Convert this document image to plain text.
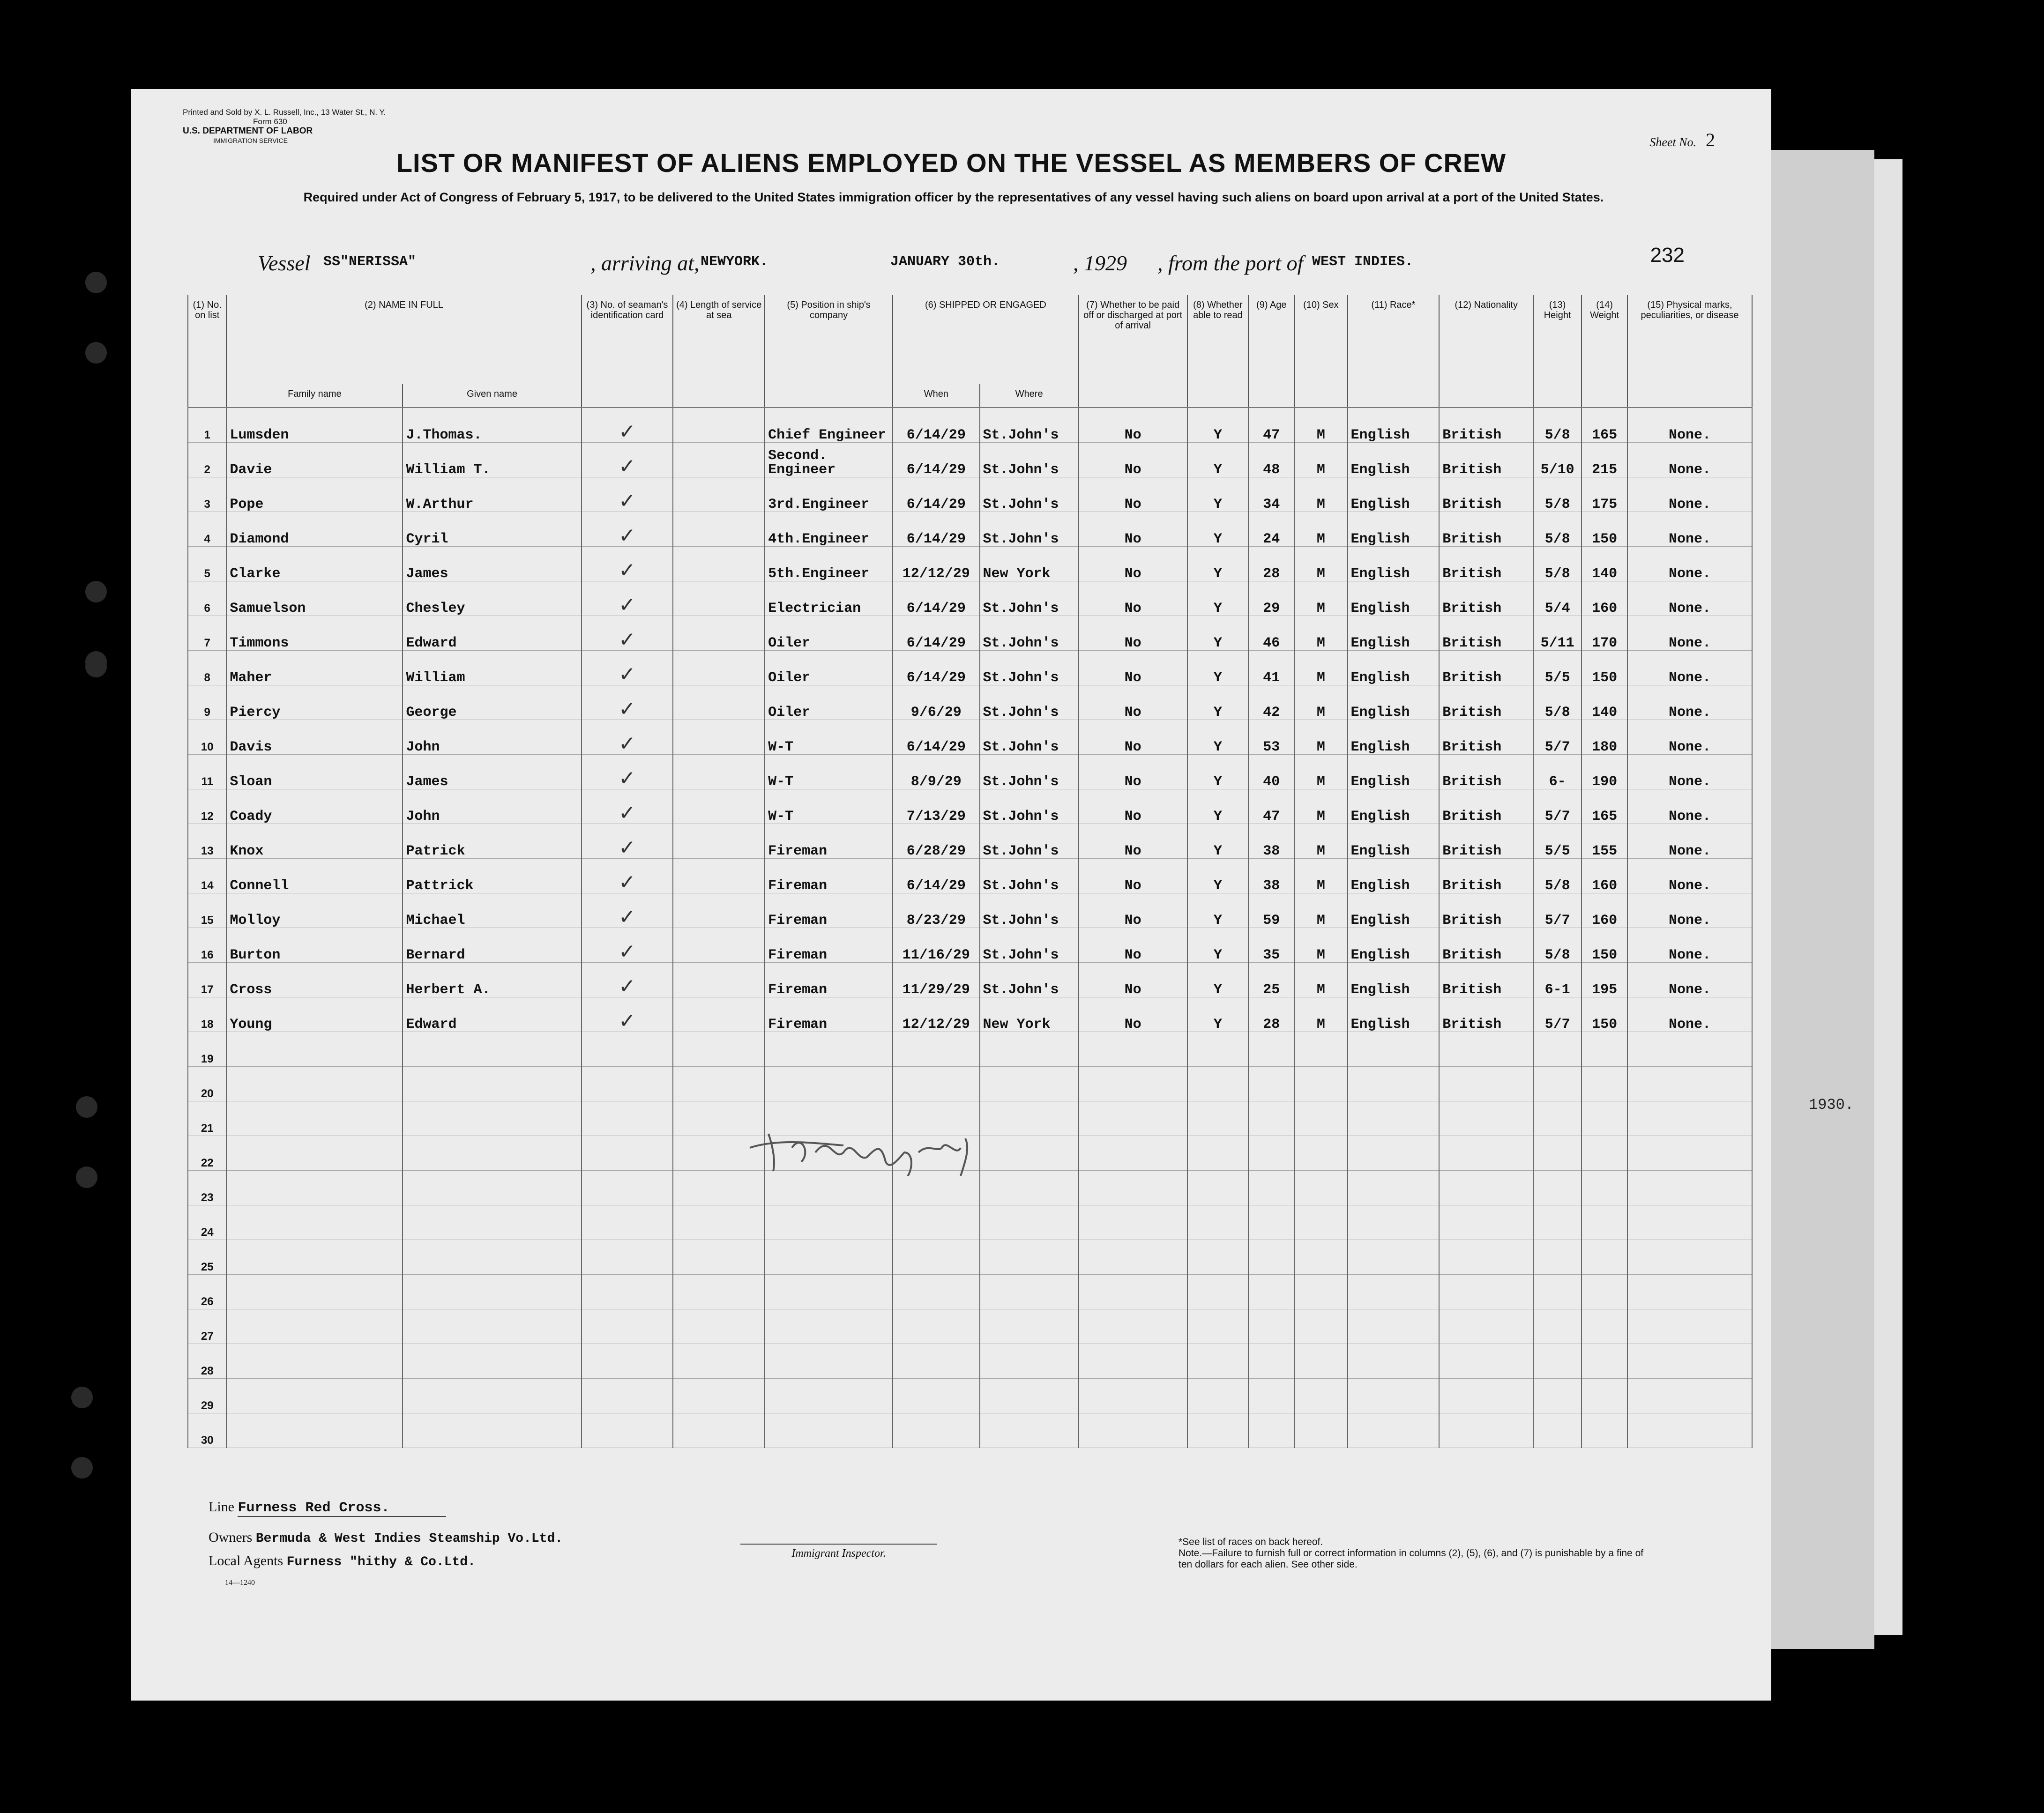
1930.
Printed and Sold by X. L. Russell, Inc., 13 Water St., N. Y.
Form 630
U.S. DEPARTMENT OF LABOR
IMMIGRATION SERVICE	Sheet No. 2
LIST OR MANIFEST OF ALIENS EMPLOYED ON THE VESSEL AS MEMBERS OF CREW
Required under Act of Congress of February 5, 1917, to be delivered to the United States immigration officer by the representatives of any vessel having such aliens on board upon arrival at a port of the United States.
Vessel SS"NERISSA"	, arriving at, NEWYORK.	JANUARY 30th.	, 1929 , from the port of WEST INDIES.	232
(1) No. on list	(2) NAME IN FULL		(3) No. of seaman's identification card	(4) Length of service at sea	(5) Position in ship's company	(6) SHIPPED OR ENGAGED		(7) Whether to be paid off or discharged at port of arrival	(8) Whether able to read	(9) Age	(10) Sex	(11) Race*	(12) Nationality	(13) Height	(14) Weight	(15) Physical marks, peculiarities, or disease
	Family name	Given name				When	Where									
1	Lumsden	J.Thomas.	✓		Chief Engineer	6/14/29	St.John's	No	Y	47	M	English	British	5/8	165	None.
2	Davie	William T.	✓		Second. Engineer	6/14/29	St.John's	No	Y	48	M	English	British	5/10	215	None.
3	Pope	W.Arthur	✓		3rd.Engineer	6/14/29	St.John's	No	Y	34	M	English	British	5/8	175	None.
4	Diamond	Cyril	✓		4th.Engineer	6/14/29	St.John's	No	Y	24	M	English	British	5/8	150	None.
5	Clarke	James	✓		5th.Engineer	12/12/29	New York	No	Y	28	M	English	British	5/8	140	None.
6	Samuelson	Chesley	✓		Electrician	6/14/29	St.John's	No	Y	29	M	English	British	5/4	160	None.
7	Timmons	Edward	✓		Oiler	6/14/29	St.John's	No	Y	46	M	English	British	5/11	170	None.
8	Maher	William	✓		Oiler	6/14/29	St.John's	No	Y	41	M	English	British	5/5	150	None.
9	Piercy	George	✓		Oiler	9/6/29	St.John's	No	Y	42	M	English	British	5/8	140	None.
10	Davis	John	✓		W-T	6/14/29	St.John's	No	Y	53	M	English	British	5/7	180	None.
11	Sloan	James	✓		W-T	8/9/29	St.John's	No	Y	40	M	English	British	6-	190	None.
12	Coady	John	✓		W-T	7/13/29	St.John's	No	Y	47	M	English	British	5/7	165	None.
13	Knox	Patrick	✓		Fireman	6/28/29	St.John's	No	Y	38	M	English	British	5/5	155	None.
14	Connell	Pattrick	✓		Fireman	6/14/29	St.John's	No	Y	38	M	English	British	5/8	160	None.
15	Molloy	Michael	✓		Fireman	8/23/29	St.John's	No	Y	59	M	English	British	5/7	160	None.
16	Burton	Bernard	✓		Fireman	11/16/29	St.John's	No	Y	35	M	English	British	5/8	150	None.
17	Cross	Herbert A.	✓		Fireman	11/29/29	St.John's	No	Y	25	M	English	British	6-1	195	None.
18	Young	Edward	✓		Fireman	12/12/29	New York	No	Y	28	M	English	British	5/7	150	None.
19																
20																
21																
22																
23																
24																
25																
26																
27																
28																
29																
30																
Line Furness Red Cross.
Owners Bermuda & West Indies Steamship Vo.Ltd.
Local Agents Furness "hithy & Co.Ltd.
14—1240
Immigrant Inspector.
*See list of races on back hereof.
Note.—Failure to furnish full or correct information in columns (2), (5), (6), and (7) is punishable by a fine of ten dollars for each alien. See other side.
